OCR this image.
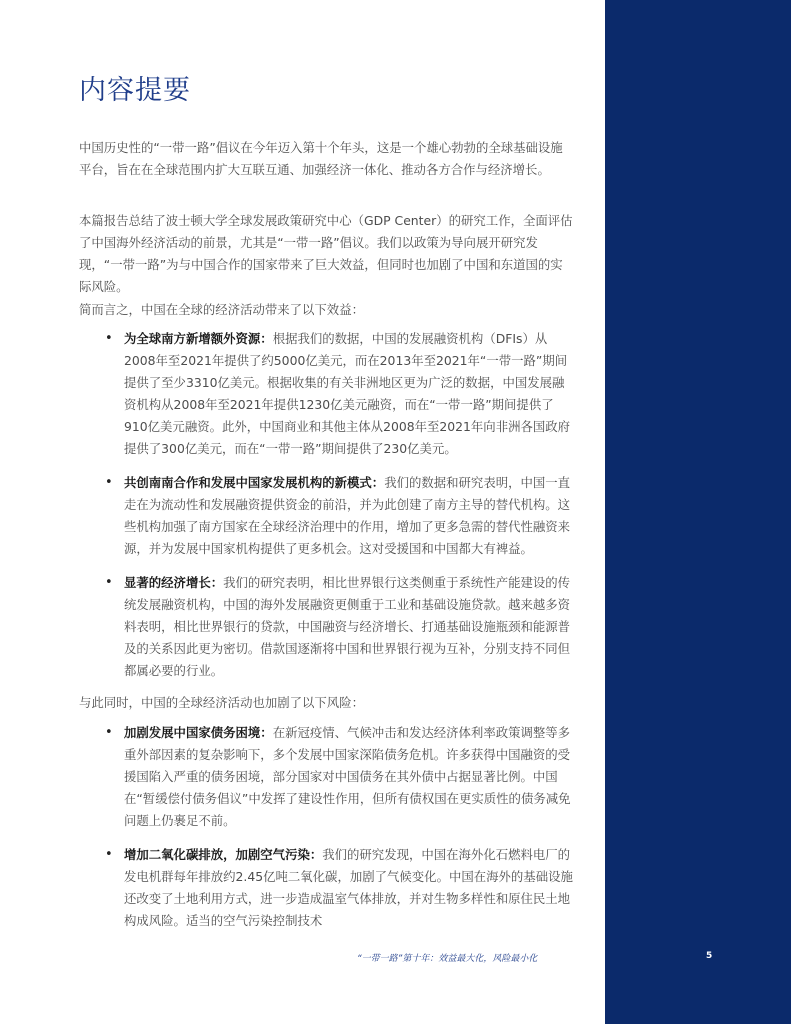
5
内容提要

中国历史性的“一带一路”倡议在今年迈入第十个年头，这是一个雄心勃勃的全球基础设施平台，旨在在全球范围内扩大互联互通、加强经济一体化、推动各方合作与经济增长。

本篇报告总结了波士顿大学全球发展政策研究中心（GDP Center）的研究工作，全面评估了中国海外经济活动的前景，尤其是“一带一路”倡议。我们以政策为导向展开研究发现，“一带一路”为与中国合作的国家带来了巨大效益，但同时也加剧了中国和东道国的实际风险。

简而言之，中国在全球的经济活动带来了以下效益：

• 为全球南方新增额外资源：根据我们的数据，中国的发展融资机构（DFIs）从2008年至2021年提供了约5000亿美元，而在2013年至2021年“一带一路”期间提供了至少3310亿美元。根据收集的有关非洲地区更为广泛的数据，中国发展融资机构从2008年至2021年提供1230亿美元融资，而在“一带一路”期间提供了910亿美元融资。此外，中国商业和其他主体从2008年至2021年向非洲各国政府提供了300亿美元，而在“一带一路”期间提供了230亿美元。
• 共创南南合作和发展中国家发展机构的新模式：我们的数据和研究表明，中国一直走在为流动性和发展融资提供资金的前沿，并为此创建了南方主导的替代机构。这些机构加强了南方国家在全球经济治理中的作用，增加了更多急需的替代性融资来源，并为发展中国家机构提供了更多机会。这对受援国和中国都大有裨益。
• 显著的经济增长：我们的研究表明，相比世界银行这类侧重于系统性产能建设的传统发展融资机构，中国的海外发展融资更侧重于工业和基础设施贷款。越来越多资料表明，相比世界银行的贷款，中国融资与经济增长、打通基础设施瓶颈和能源普及的关系因此更为密切。借款国逐渐将中国和世界银行视为互补，分别支持不同但都属必要的行业。

与此同时，中国的全球经济活动也加剧了以下风险：

• 加剧发展中国家债务困境：在新冠疫情、气候冲击和发达经济体利率政策调整等多重外部因素的复杂影响下，多个发展中国家深陷债务危机。许多获得中国融资的受援国陷入严重的债务困境，部分国家对中国债务在其外债中占据显著比例。中国在“暂缓偿付债务倡议”中发挥了建设性作用，但所有债权国在更实质性的债务减免问题上仍裹足不前。
• 增加二氧化碳排放，加剧空气污染：我们的研究发现，中国在海外化石燃料电厂的发电机群每年排放约2.45亿吨二氧化碳，加剧了气候变化。中国在海外的基础设施还改变了土地利用方式，进一步造成温室气体排放，并对生物多样性和原住民土地构成风险。适当的空气污染控制技术
“一带一路”第十年：效益最大化，风险最小化
